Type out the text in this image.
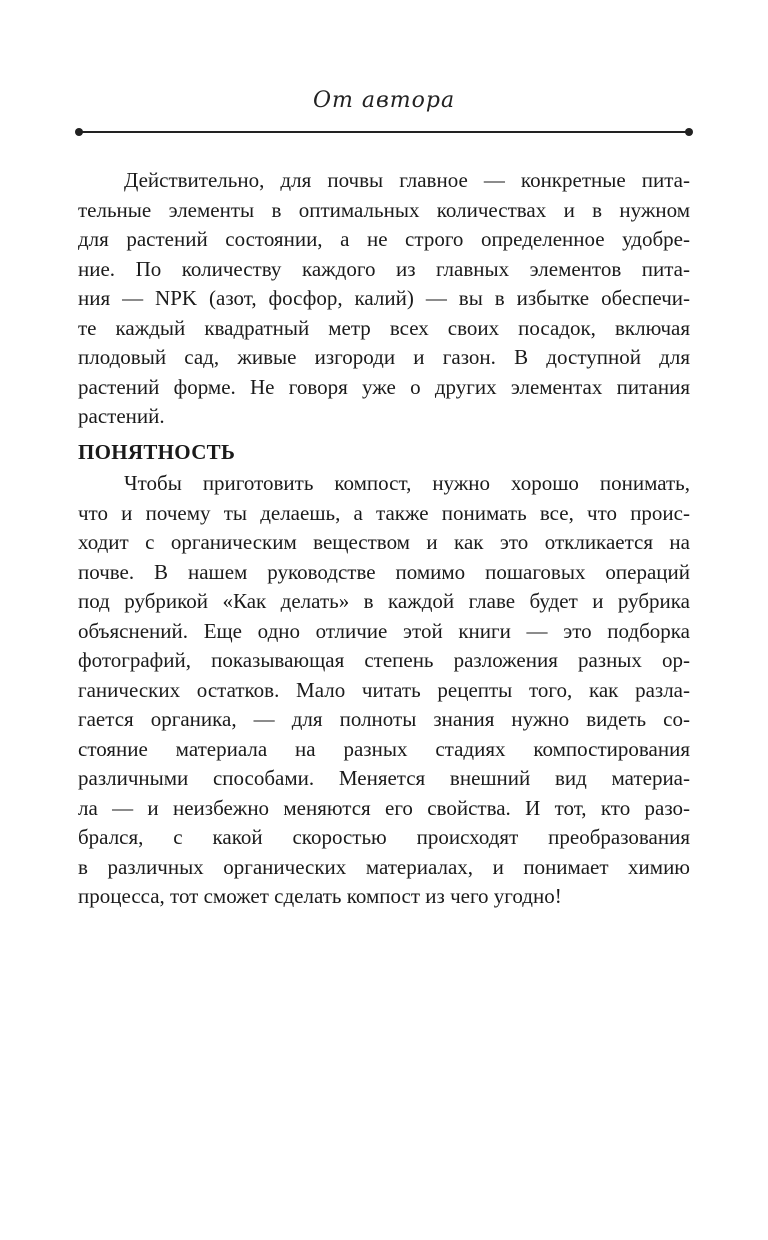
От автора
Действительно, для почвы главное — конкретные пита-
тельные элементы в оптимальных количествах и в нужном
для растений состоянии, а не строго определенное удобре-
ние. По количеству каждого из главных элементов пита-
ния — NPK (азот, фосфор, калий) — вы в избытке обеспечи-
те каждый квадратный метр всех своих посадок, включая
плодовый сад, живые изгороди и газон. В доступной для
растений форме. Не говоря уже о других элементах питания
растений.
ПОНЯТНОСТЬ
Чтобы приготовить компост, нужно хорошо понимать,
что и почему ты делаешь, а также понимать все, что проис-
ходит с органическим веществом и как это откликается на
почве. В нашем руководстве помимо пошаговых операций
под рубрикой «Как делать» в каждой главе будет и рубрика
объяснений. Еще одно отличие этой книги — это подборка
фотографий, показывающая степень разложения разных ор-
ганических остатков. Мало читать рецепты того, как разла-
гается органика, — для полноты знания нужно видеть со-
стояние материала на разных стадиях компостирования
различными способами. Меняется внешний вид материа-
ла — и неизбежно меняются его свойства. И тот, кто разо-
брался, с какой скоростью происходят преобразования
в различных органических материалах, и понимает химию
процесса, тот сможет сделать компост из чего угодно!
